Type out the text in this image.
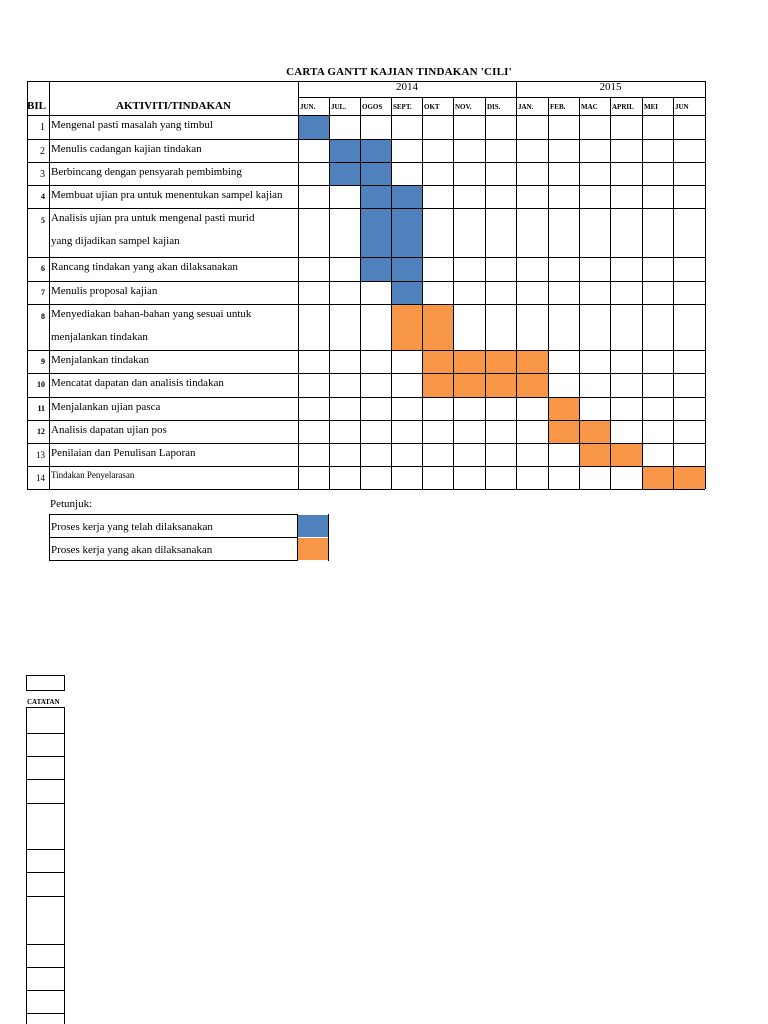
CARTA GANTT KAJIAN TINDAKAN 'CILI'
2014	2015
BIL	AKTIVITI/TINDAKAN	JUN. JUL. OGOS SEPT. OKT NOV. DIS.	JAN. FEB. MAC APRIL MEI JUN
1 Mengenal pasti masalah yang timbul
2 Menulis cadangan kajian tindakan
3 Berbincang dengan pensyarah pembimbing
4 Membuat ujian pra untuk menentukan sampel kajian
5 Analisis ujian pra untuk mengenal pasti murid
yang dijadikan sampel kajian
6 Rancang tindakan yang akan dilaksanakan
7 Menulis proposal kajian
8 Menyediakan bahan-bahan yang sesuai untuk
menjalankan tindakan
9 Menjalankan tindakan
10 Mencatat dapatan dan analisis tindakan
11 Menjalankan ujian pasca
12 Analisis dapatan ujian pos
13 Penilaian dan Penulisan Laporan
14 Tindakan Penyelarasan
Petunjuk:
Proses kerja yang telah dilaksanakan
Proses kerja yang akan dilaksanakan
CATATAN
